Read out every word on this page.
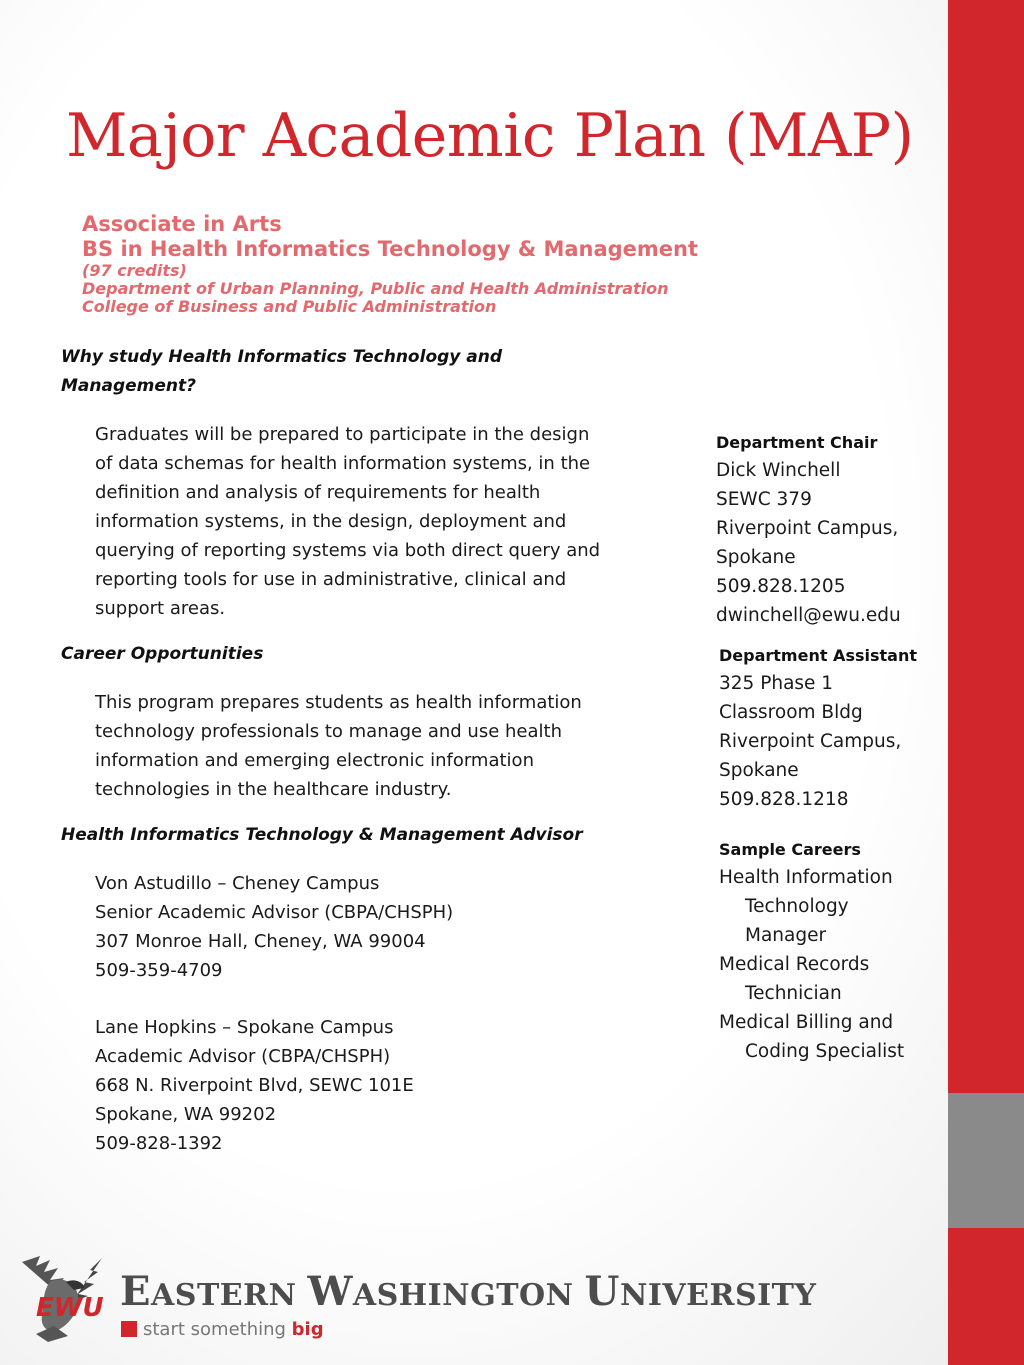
Major Academic Plan (MAP)
Associate in Arts
BS in Health Informatics Technology & Management
(97 credits)
Department of Urban Planning, Public and Health Administration
College of Business and Public Administration
Why study Health Informatics Technology and
Management?
Graduates will be prepared to participate in the design
of data schemas for health information systems, in the
definition and analysis of requirements for health
information systems, in the design, deployment and
querying of reporting systems via both direct query and
reporting tools for use in administrative, clinical and
support areas.
Career Opportunities
This program prepares students as health information
technology professionals to manage and use health
information and emerging electronic information
technologies in the healthcare industry.
Health Informatics Technology & Management Advisor
Von Astudillo – Cheney Campus
Senior Academic Advisor (CBPA/CHSPH)
307 Monroe Hall, Cheney, WA 99004
509-359-4709
Lane Hopkins – Spokane Campus
Academic Advisor (CBPA/CHSPH)
668 N. Riverpoint Blvd, SEWC 101E
Spokane, WA 99202
509-828-1392
Department Chair
Dick Winchell
SEWC 379
Riverpoint Campus,
Spokane
509.828.1205
dwinchell@ewu.edu
Department Assistant
325 Phase 1
Classroom Bldg
Riverpoint Campus,
Spokane
509.828.1218
Sample Careers
Health Information
Technology
Manager
Medical Records
Technician
Medical Billing and
Coding Specialist
EWU EASTERN WASHINGTON UNIVERSITY
start something big
